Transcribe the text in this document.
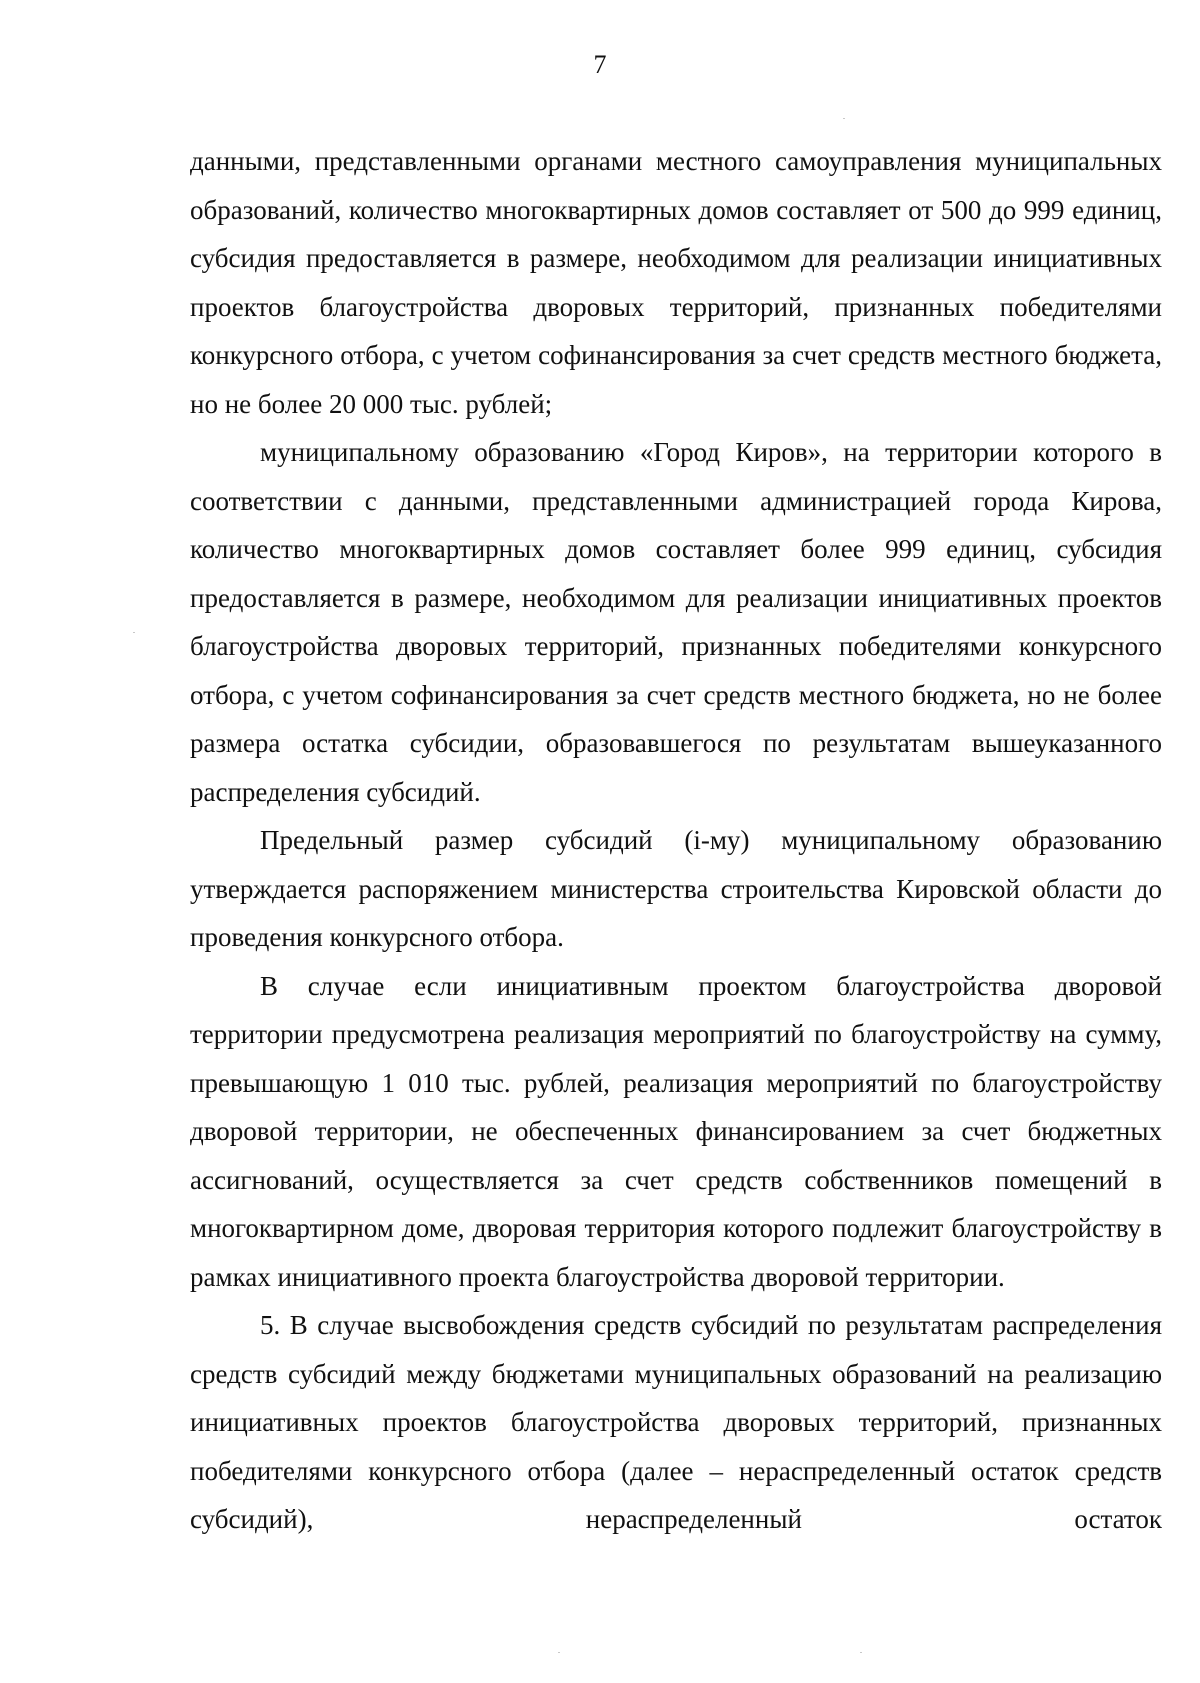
7

данными, представленными органами местного самоуправления муниципальных образований, количество многоквартирных домов составляет от 500 до 999 единиц, субсидия предоставляется в размере, необходимом для реализации инициативных проектов благоустройства дворовых территорий, признанных победителями конкурсного отбора, с учетом софинансирования за счет средств местного бюджета, но не более 20 000 тыс. рублей;

муниципальному образованию «Город Киров», на территории которого в соответствии с данными, представленными администрацией города Кирова, количество многоквартирных домов составляет более 999 единиц, субсидия предоставляется в размере, необходимом для реализации инициативных проектов благоустройства дворовых территорий, признанных победителями конкурсного отбора, с учетом софинансирования за счет средств местного бюджета, но не более размера остатка субсидии, образовавшегося по результатам вышеуказанного распределения субсидий.

Предельный размер субсидий (i-му) муниципальному образованию утверждается распоряжением министерства строительства Кировской области до проведения конкурсного отбора.

В случае если инициативным проектом благоустройства дворовой территории предусмотрена реализация мероприятий по благоустройству на сумму, превышающую 1 010 тыс. рублей, реализация мероприятий по благоустройству дворовой территории, не обеспеченных финансированием за счет бюджетных ассигнований, осуществляется за счет средств собственников помещений в многоквартирном доме, дворовая территория которого подлежит благоустройству в рамках инициативного проекта благоустройства дворовой территории.

5. В случае высвобождения средств субсидий по результатам распределения средств субсидий между бюджетами муниципальных образований на реализацию инициативных проектов благоустройства дворовых территорий, признанных победителями конкурсного отбора (далее – нераспределенный остаток средств субсидий), нераспределенный остаток
